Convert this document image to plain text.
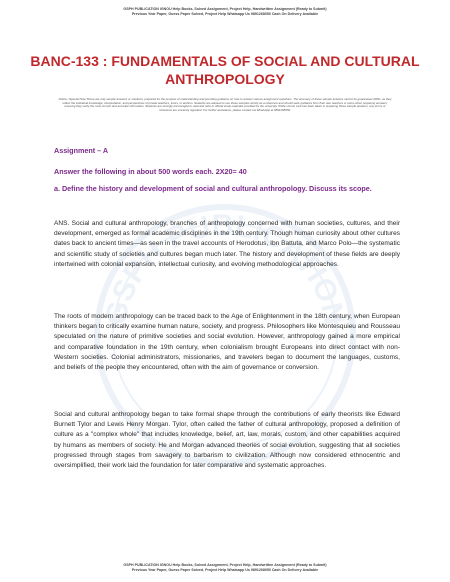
GSPH PUBLICATION IGNOU Help Books, Solved Assignment, Project Help, Handwritten Assignment (Ready to Submit)
Previous Year Paper, Guess Paper Solved, Project Help Whatsapp Us 9891268050 Cash On Delivery Available
BANC-133 : FUNDAMENTALS OF SOCIAL AND CULTURAL ANTHROPOLOGY
Notice / Special Note:These are only sample answers or solutions, prepared for the purpose of understanding and providing guidance on how to answer various assignment questions. The accuracy of these sample answers cannot be guaranteed 100%, as they reflect the individual knowledge, interpretation, and perspectives of private teachers, tutors, or authors. Students are advised to use these samples strictly as a reference and should seek guidance from their own teachers or tutors when preparing answers, ensuring they verify the most current and accurate information. Students are strongly encouraged to read and refer to official study materials provided by the university. While utmost care has been taken in preparing these sample answers, any errors or omissions are sincerely regretted. For further assistance, please contact via WhatsApp at 9891268050.
GSPH PUBLICATION
Assignment – A
Answer the following in about 500 words each. 2X20= 40
a. Define the history and development of social and cultural anthropology. Discuss its scope.

ANS. Social and cultural anthropology, branches of anthropology concerned with human societies, cultures, and their development, emerged as formal academic disciplines in the 19th century. Though human curiosity about other cultures dates back to ancient times—as seen in the travel accounts of Herodotus, Ibn Battuta, and Marco Polo—the systematic and scientific study of societies and cultures began much later. The history and development of these fields are deeply intertwined with colonial expansion, intellectual curiosity, and evolving methodological approaches.

The roots of modern anthropology can be traced back to the Age of Enlightenment in the 18th century, when European thinkers began to critically examine human nature, society, and progress. Philosophers like Montesquieu and Rousseau speculated on the nature of primitive societies and social evolution. However, anthropology gained a more empirical and comparative foundation in the 19th century, when colonialism brought Europeans into direct contact with non-Western societies. Colonial administrators, missionaries, and travelers began to document the languages, customs, and beliefs of the people they encountered, often with the aim of governance or conversion.

Social and cultural anthropology began to take formal shape through the contributions of early theorists like Edward Burnett Tylor and Lewis Henry Morgan. Tylor, often called the father of cultural anthropology, proposed a definition of culture as a "complex whole" that includes knowledge, belief, art, law, morals, custom, and other capabilities acquired by humans as members of society. He and Morgan advanced theories of social evolution, suggesting that all societies progressed through stages from savagery to barbarism to civilization. Although now considered ethnocentric and oversimplified, their work laid the foundation for later comparative and systematic approaches.

GSPH PUBLICATION IGNOU Help Books, Solved Assignment, Project Help, Handwritten Assignment (Ready to Submit)
Previous Year Paper, Guess Paper Solved, Project Help Whatsapp Us 9891268050 Cash On Delivery Available
